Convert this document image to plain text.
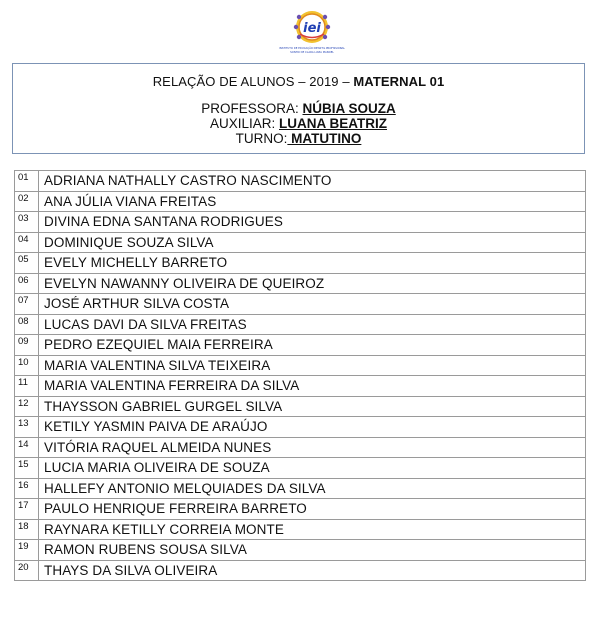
iei
INSTITUTO DE EDUCAÇÃO INFANTIL PROFISSIONAL
SONHO DE CLARA LUIZA MANOEL
RELAÇÃO DE ALUNOS – 2019 – MATERNAL 01
PROFESSORA: NÚBIA SOUZA
AUXILIAR: LUANA BEATRIZ
TURNO: MATUTINO
01	ADRIANA NATHALLY CASTRO NASCIMENTO
02	ANA JÚLIA VIANA FREITAS
03	DIVINA EDNA SANTANA RODRIGUES
04	DOMINIQUE SOUZA SILVA
05	EVELY MICHELLY BARRETO
06	EVELYN NAWANNY OLIVEIRA DE QUEIROZ
07	JOSÉ ARTHUR SILVA COSTA
08	LUCAS DAVI DA SILVA FREITAS
09	PEDRO EZEQUIEL MAIA FERREIRA
10	MARIA VALENTINA SILVA TEIXEIRA
11	MARIA VALENTINA FERREIRA DA SILVA
12	THAYSSON GABRIEL GURGEL SILVA
13	KETILY YASMIN PAIVA DE ARAÚJO
14	VITÓRIA RAQUEL ALMEIDA NUNES
15	LUCIA MARIA OLIVEIRA DE SOUZA
16	HALLEFY ANTONIO MELQUIADES DA SILVA
17	PAULO HENRIQUE FERREIRA BARRETO
18	RAYNARA KETILLY CORREIA MONTE
19	RAMON RUBENS SOUSA SILVA
20	THAYS DA SILVA OLIVEIRA
